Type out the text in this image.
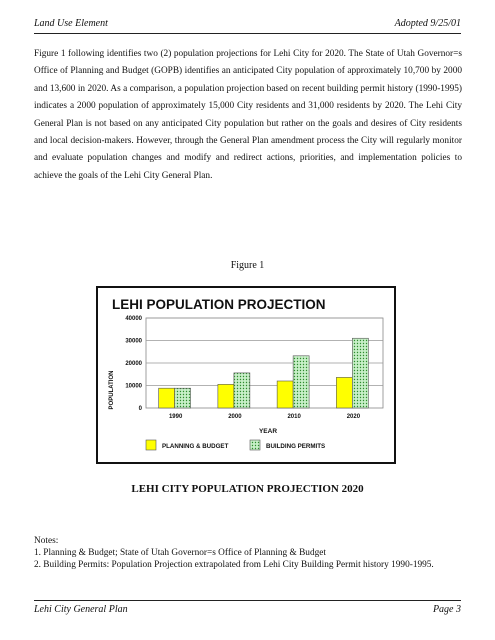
Land Use Element	Adopted 9/25/01

Figure 1 following identifies two (2) population projections for Lehi City for 2020. The State of Utah Governor=s Office of Planning and Budget (GOPB) identifies an anticipated City population of approximately 10,700 by 2000 and 13,600 in 2020. As a comparison, a population projection based on recent building permit history (1990-1995) indicates a 2000 population of approximately 15,000 City residents and 31,000 residents by 2020. The Lehi City General Plan is not based on any anticipated City population but rather on the goals and desires of City residents and local decision-makers. However, through the General Plan amendment process the City will regularly monitor and evaluate population changes and modify and redirect actions, priorities, and implementation policies to achieve the goals of the Lehi City General Plan.

Figure 1
LEHI POPULATION PROJECTION
POPULATION
YEAR
0
10000
20000
30000
40000
1990	2000	2010	2020
PLANNING & BUDGET	BUILDING PERMITS
LEHI CITY POPULATION PROJECTION 2020
Notes:
1. Planning & Budget; State of Utah Governor=s Office of Planning & Budget
2. Building Permits: Population Projection extrapolated from Lehi City Building Permit history 1990-1995.
Lehi City General Plan	Page 3
